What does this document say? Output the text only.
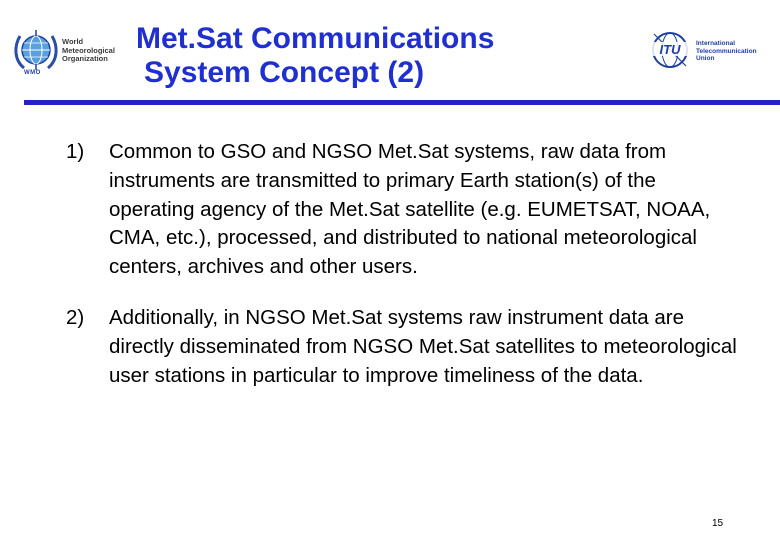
World
Meteorological
Organization
WMO
Met.Sat Communications
System Concept (2)
ITU International
Telecommunication
Union
1) Common to GSO and NGSO Met.Sat systems, raw data from instruments are transmitted to primary Earth station(s) of the operating agency of the Met.Sat satellite (e.g. EUMETSAT, NOAA, CMA, etc.), processed, and distributed to national meteorological centers, archives and other users.
2) Additionally, in NGSO Met.Sat systems raw instrument data are directly disseminated from NGSO Met.Sat satellites to meteorological user stations in particular to improve timeliness of the data.
15
